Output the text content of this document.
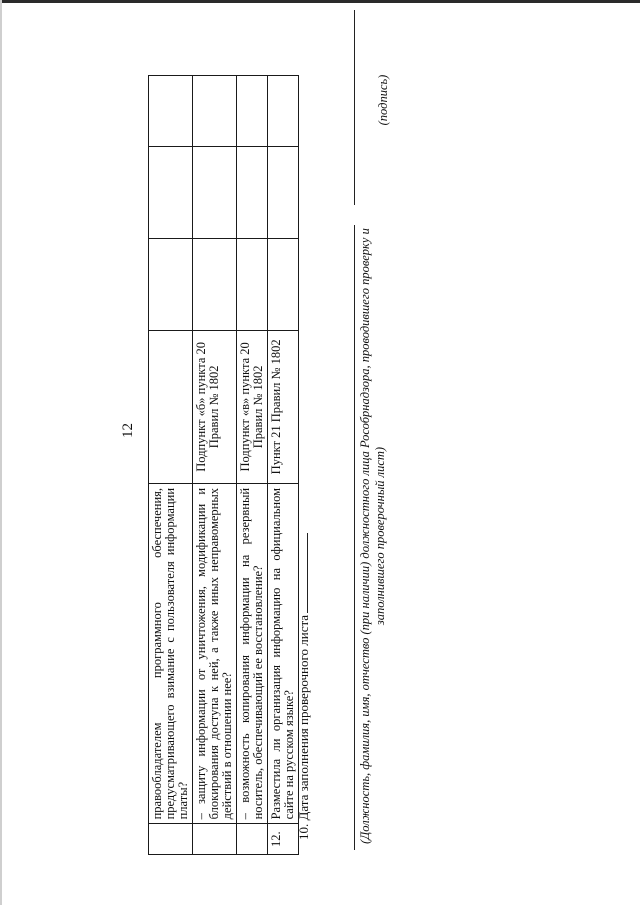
12
	правообладателем программного обеспечения, предусматривающего взимание с пользователя информации платы?				
	– защиту информации от уничтожения, модификации и блокирования доступа к ней, а также иных неправомерных действий в отношении нее?	Подпункт «б» пункта 20 Правил № 1802			
	– возможность копирования информации на резервный носитель, обеспечивающий ее восстановление?	Подпункт «в» пункта 20 Правил № 1802			
12.	Разместила ли организация информацию на официальном сайте на русском языке?	Пункт 21 Правил № 1802			
10. Дата заполнения проверочного листа	(Должность, фамилия, имя, отчество (при наличии) должностного лица Рособрнадзора, проводившего проверку и заполнившего проверочный лист)
(подпись)
